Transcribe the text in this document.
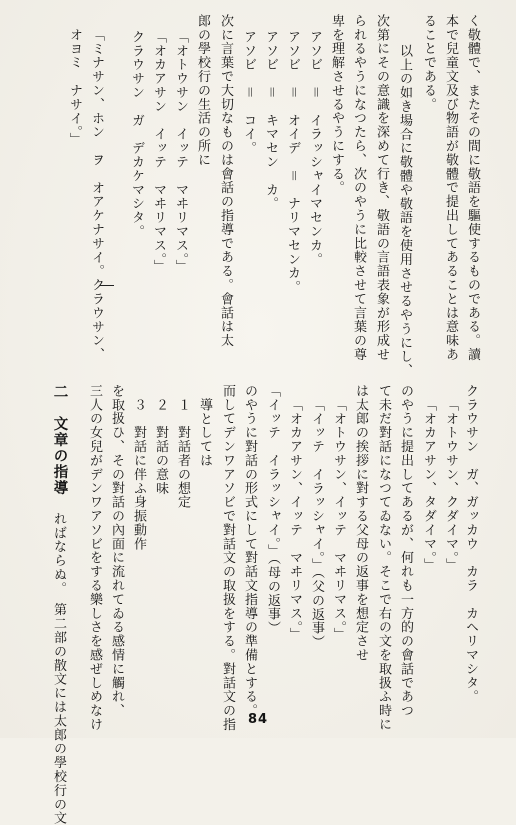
く敬體で、またその間に敬語を驅使するものである。讀
本で兒童文及び物語が敬體で提出してあることは意味あ
ることである。
以上の如き場合に敬體や敬語を使用させるやうにし、
次第にその意識を深めて行き、敬語の言語表象が形成せ
られるやうになつたら、次のやうに比較させて言葉の尊
卑を理解させるやうにする。
アソビ　＝　イラッシャイマセンカ。
アソビ　＝　オイデ　＝　ナリマセンカ。
アソビ　＝　キマセン　カ。
アソビ　＝　コイ。
次に言葉で大切なものは會話の指導である。會話は太
郎の學校行の生活の所に
「オトウサン　イッテ　マヰリマス。」
「オカアサン　イッテ　マヰリマス。」
クラウサン　ガ　デカケマシタ。
「ミナサン、ホン　ヲ　オアケナサイ。クラウサン、
オヨミ　ナサイ。」
クラウサン　ガ、ガッカウ　カラ　カヘリマシタ。
「オトウサン、クダイマ。」
「オカアサン、タダイマ。」
のやうに提出してあるが、何れも一方的の會話であつ
て未だ對話になつてゐない。そこで右の文を取扱ふ時に
は太郎の挨拶に對する父母の返事を想定させ
「オトウサン、イッテ　マヰリマス。」
「イッテ　イラッシャイ。」（父の返事）
「オカアサン、イッテ　マヰリマス。」
「イッテ　イラッシャイ。」（母の返事）
のやうに對話の形式にして對話文指導の準備とする。
而してデンワアソビで對話文の取扱をする。對話文の指
導としては
１　對話者の想定
２　對話の意味
３　對話に伴ふ身振動作
を取扱ひ、その對話の內面に流れてゐる感情に觸れ、
三人の女兒がデンワアソビをする樂しさを感ぜしめなけ
二　文章の指導
ればならぬ。　第二部の散文には太郎の學校行の文	84
